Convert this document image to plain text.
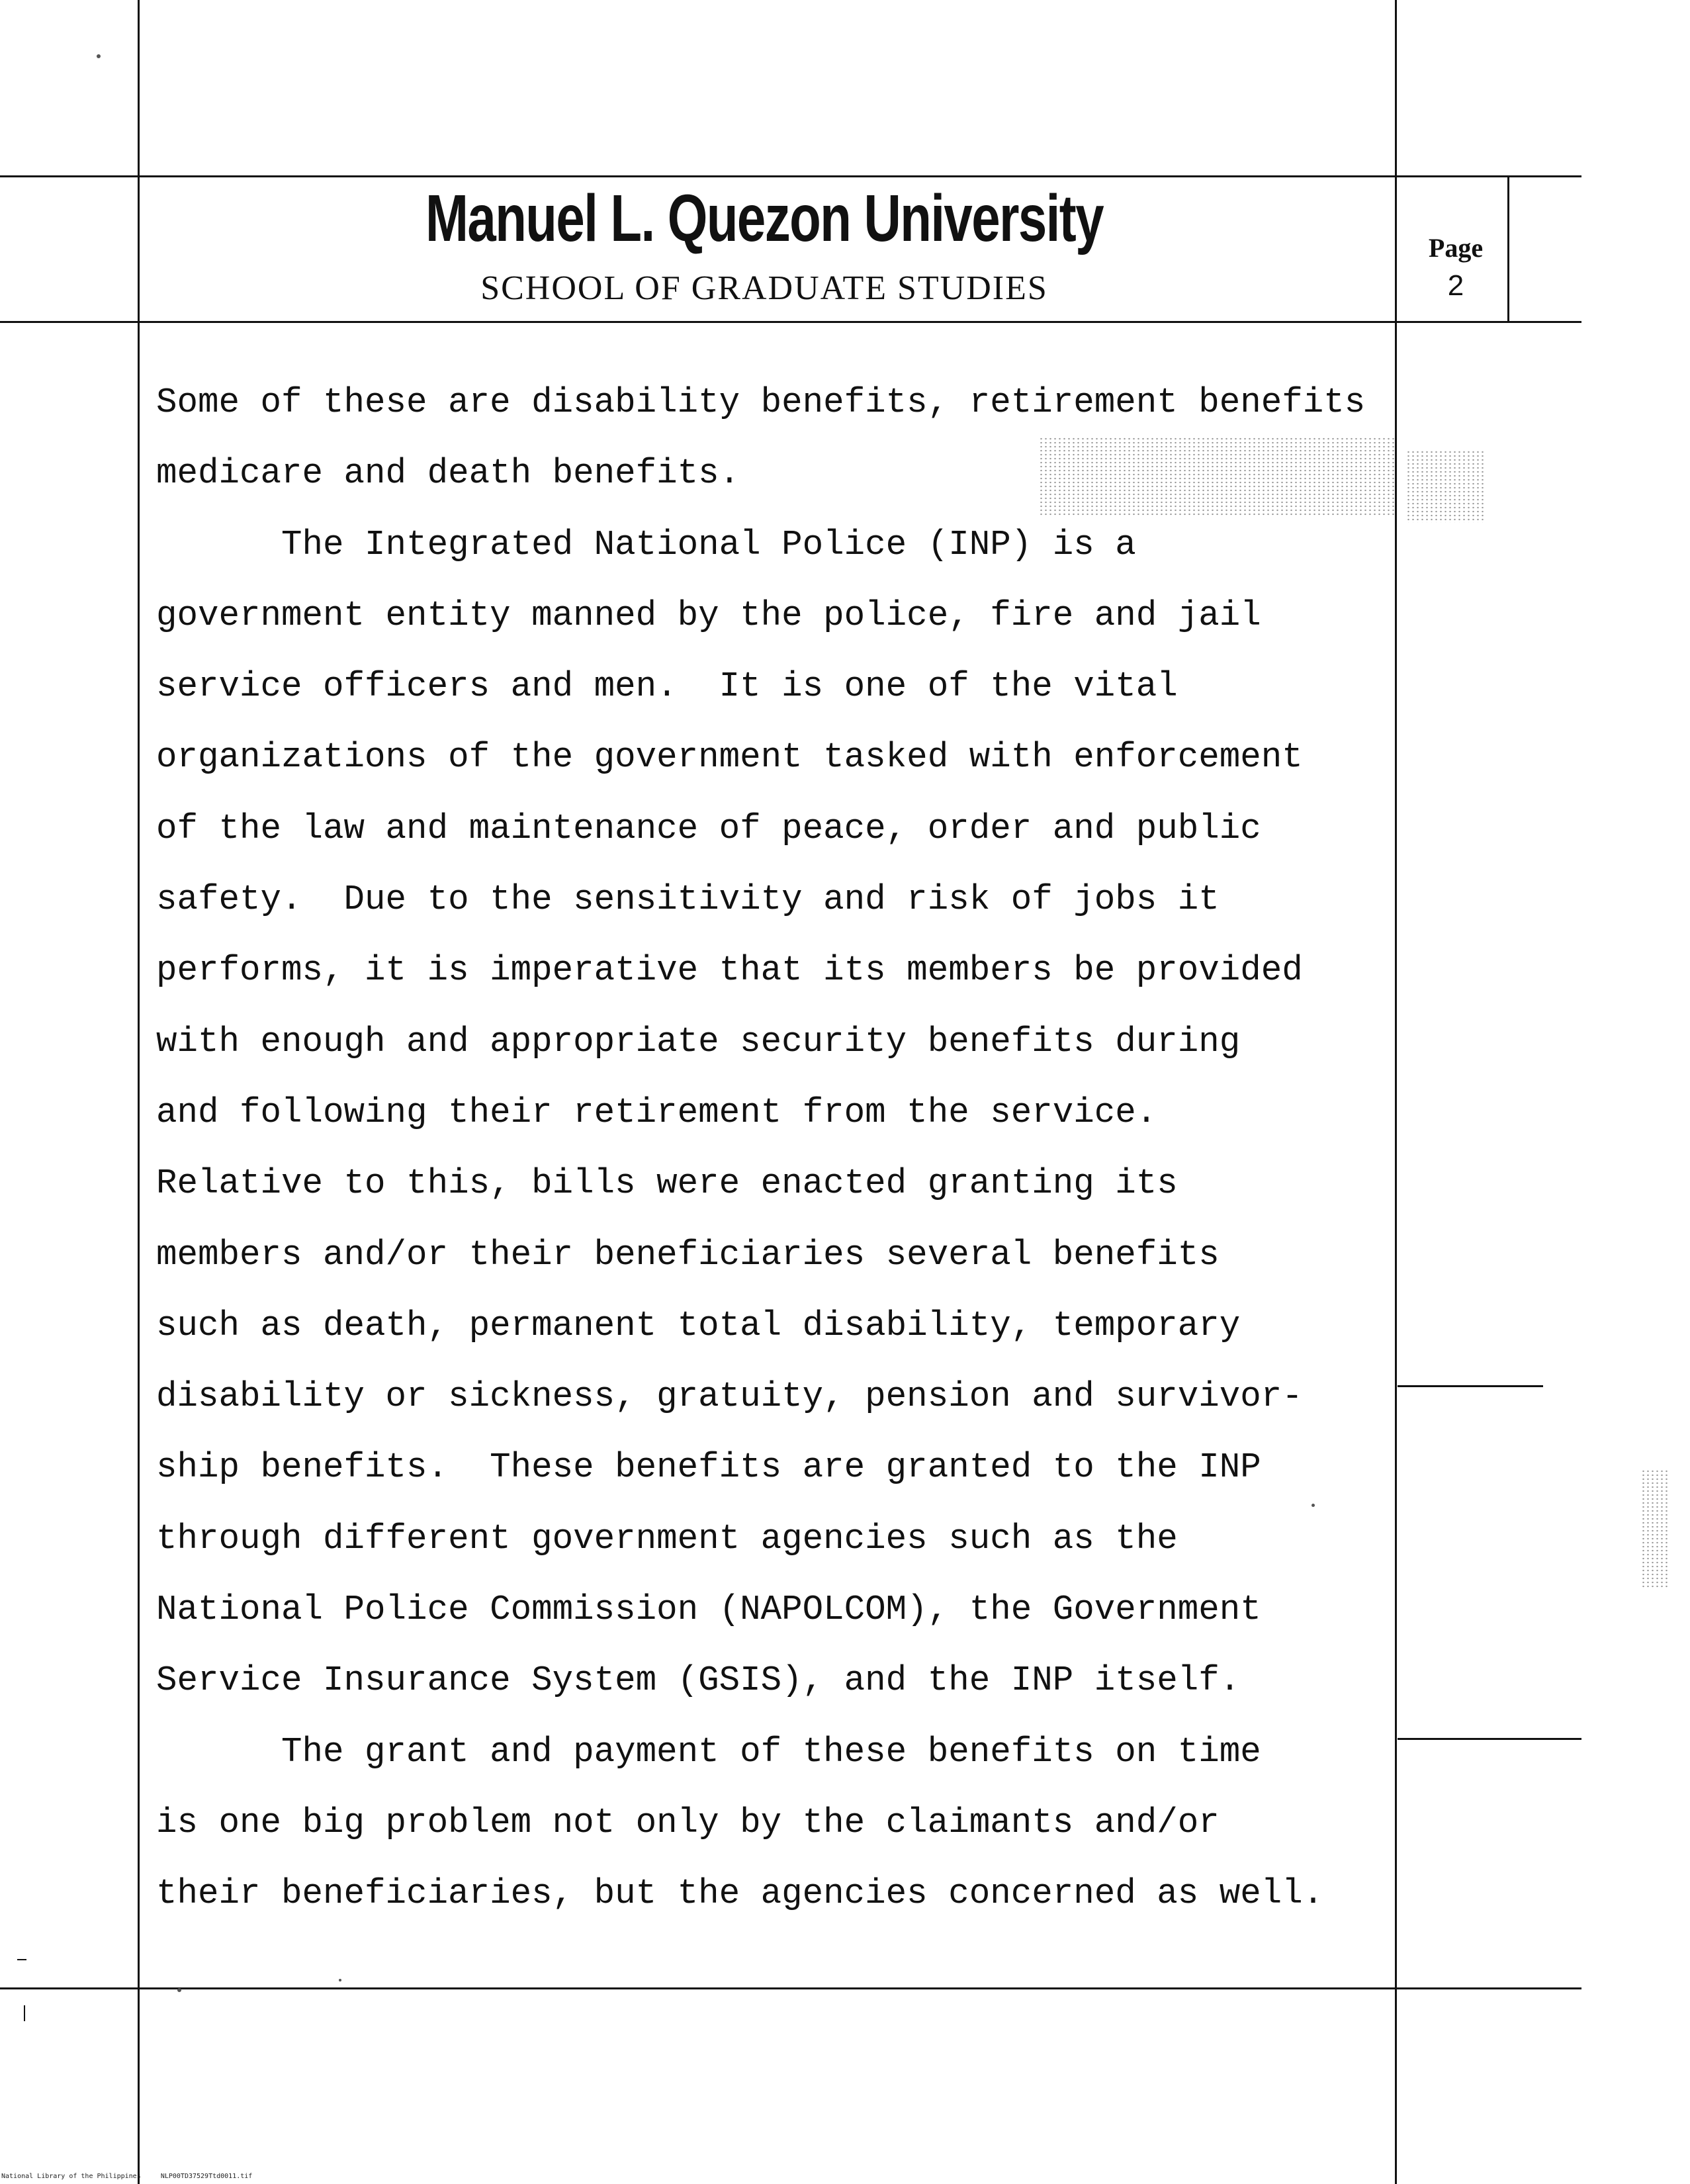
Manuel L. Quezon University
SCHOOL OF GRADUATE STUDIES
Page
2
Some of these are disability benefits, retirement benefits
medicare and death benefits.
The Integrated National Police (INP) is a
government entity manned by the police, fire and jail
service officers and men.  It is one of the vital
organizations of the government tasked with enforcement
of the law and maintenance of peace, order and public
safety.  Due to the sensitivity and risk of jobs it
performs, it is imperative that its members be provided
with enough and appropriate security benefits during
and following their retirement from the service.
Relative to this, bills were enacted granting its
members and/or their beneficiaries several benefits
such as death, permanent total disability, temporary
disability or sickness, gratuity, pension and survivor-
ship benefits.  These benefits are granted to the INP
through different government agencies such as the
National Police Commission (NAPOLCOM), the Government
Service Insurance System (GSIS), and the INP itself.
The grant and payment of these benefits on time
is one big problem not only by the claimants and/or
their beneficiaries, but the agencies concerned as well.
National Library of the Philippines     NLP00TD37529Ttd0011.tif
